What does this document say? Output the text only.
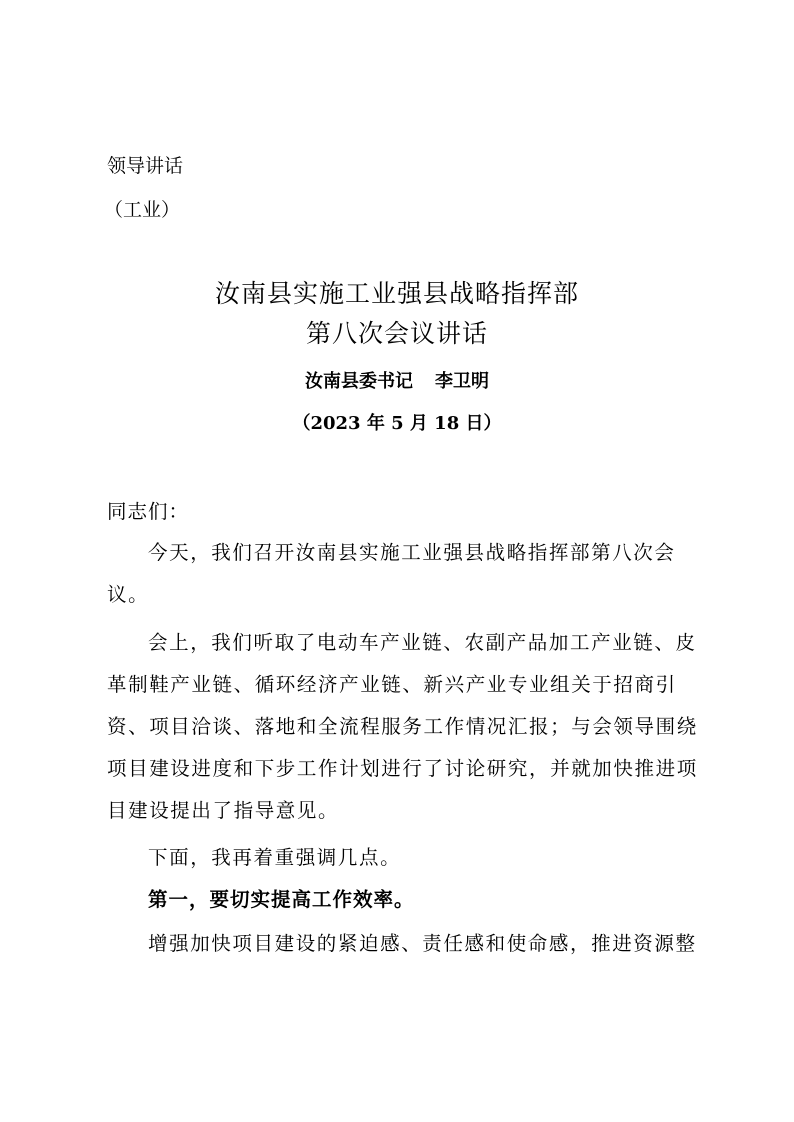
领导讲话
（工业）
汝南县实施工业强县战略指挥部
第八次会议讲话
汝南县委书记 李卫明
（2023 年 5 月 18 日）
同志们：
今天，我们召开汝南县实施工业强县战略指挥部第八次会议。
会上，我们听取了电动车产业链、农副产品加工产业链、皮革制鞋产业链、循环经济产业链、新兴产业专业组关于招商引资、项目洽谈、落地和全流程服务工作情况汇报；与会领导围绕项目建设进度和下步工作计划进行了讨论研究，并就加快推进项目建设提出了指导意见。
下面，我再着重强调几点。
第一，要切实提高工作效率。
增强加快项目建设的紧迫感、责任感和使命感，推进资源整
